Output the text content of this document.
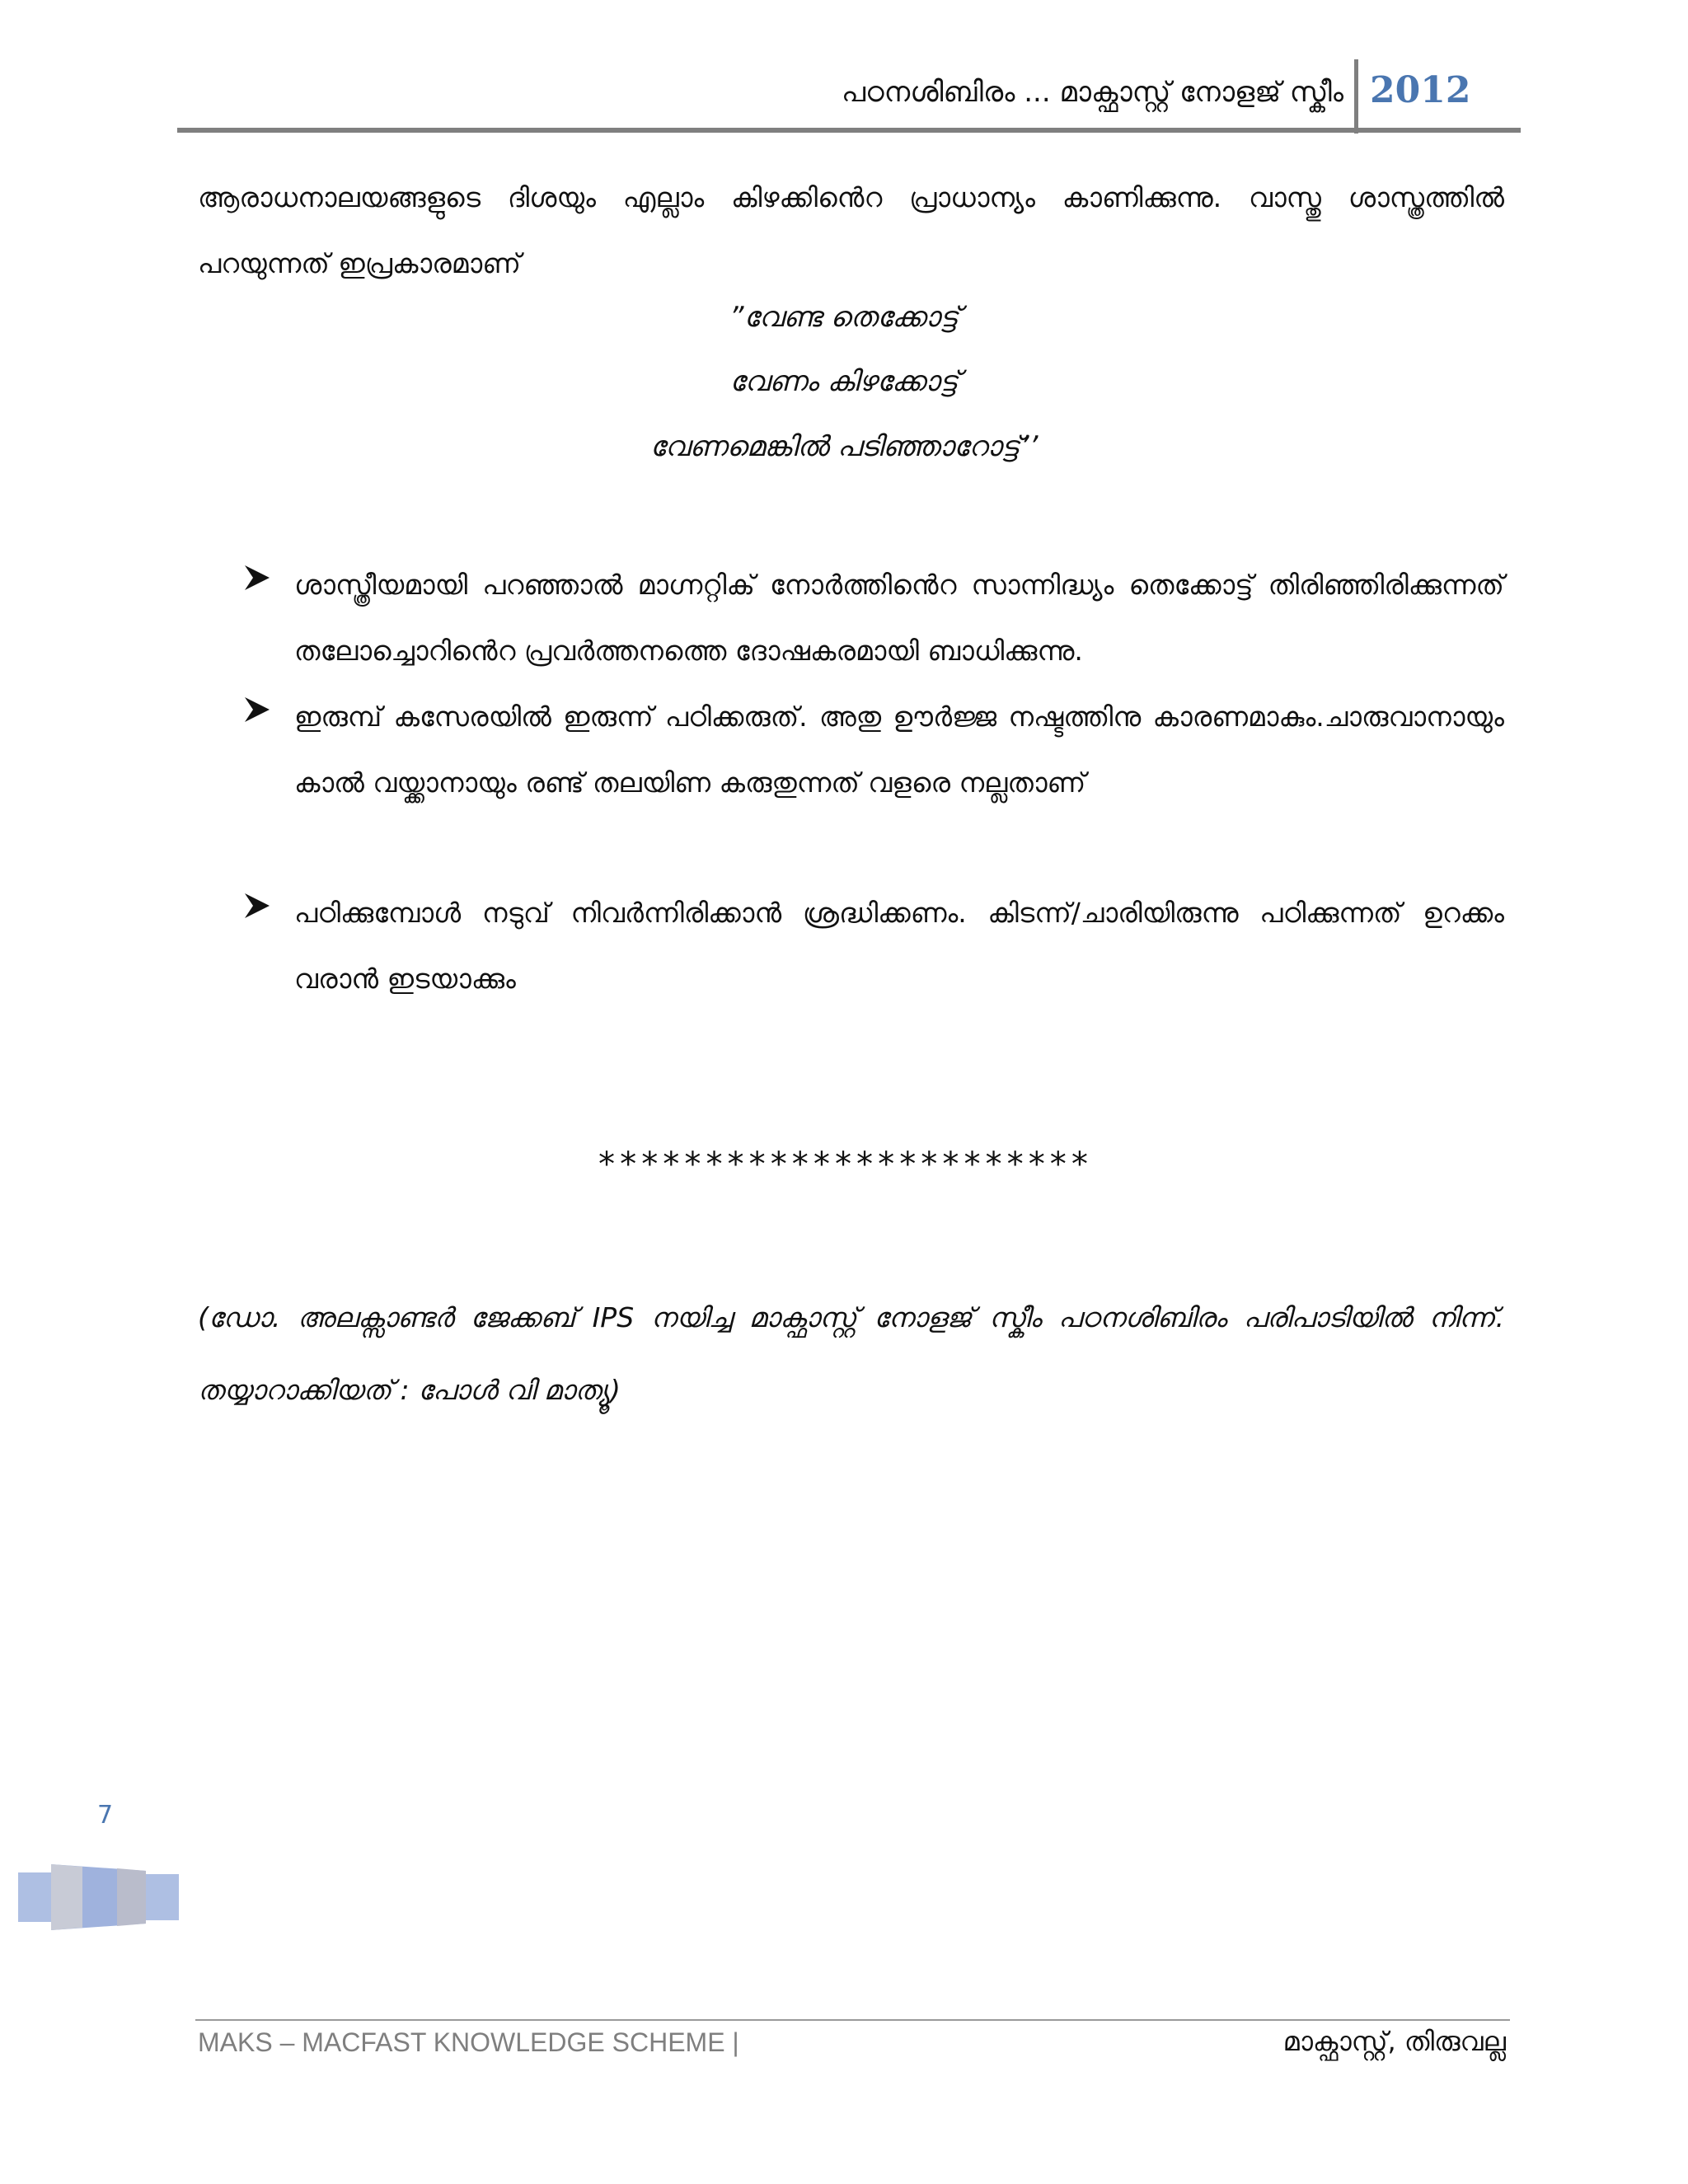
പഠനശിബിരം ... മാക്ഫാസ്റ്റ് നോളജ് സ്കീം 2012
ആരാധനാലയങ്ങളുടെ ദിശയും എല്ലാം കിഴക്കിൻെറ പ്രാധാന്യം കാണിക്കുന്നു. വാസ്തു ശാസ്ത്രത്തിൽ പറയുന്നത് ഇപ്രകാരമാണ്
”വേണ്ട തെക്കോട്ട്
വേണം കിഴക്കോട്ട്
വേണമെങ്കിൽ പടിഞ്ഞാറോട്ട്’’
ശാസ്ത്രീയമായി പറഞ്ഞാൽ മാഗ്നറ്റിക് നോർത്തിൻെറ സാന്നിദ്ധ്യം തെക്കോട്ട് തിരിഞ്ഞിരിക്കുന്നത് തലോച്ചൊറിൻെറ പ്രവർത്തനത്തെ ദോഷകരമായി ബാധിക്കുന്നു.
ഇരുമ്പ് കസേരയിൽ ഇരുന്ന് പഠിക്കരുത്. അതു ഊർജ്ജ നഷ്ടത്തിനു കാരണമാകും.ചാരുവാനായും കാൽ വയ്ക്കാനായും രണ്ട് തലയിണ കരുതുന്നത് വളരെ നല്ലതാണ്
പഠിക്കുമ്പോൾ നടുവ് നിവർന്നിരിക്കാൻ ശ്രദ്ധിക്കണം. കിടന്ന്/ചാരിയിരുന്നു പഠിക്കുന്നത് ഉറക്കം വരാൻ ഇടയാക്കും
***********************
(ഡോ. അലക്സാണ്ടർ ജേക്കബ് IPS നയിച്ച മാക്ഫാസ്റ്റ് നോളജ് സ്കീം പഠനശിബിരം പരിപാടിയിൽ നിന്ന്. തയ്യാറാക്കിയത് : പോൾ വി മാത്യൂ)
7
MAKS – MACFAST KNOWLEDGE SCHEME |	മാക്ഫാസ്റ്റ്, തിരുവല്ല
